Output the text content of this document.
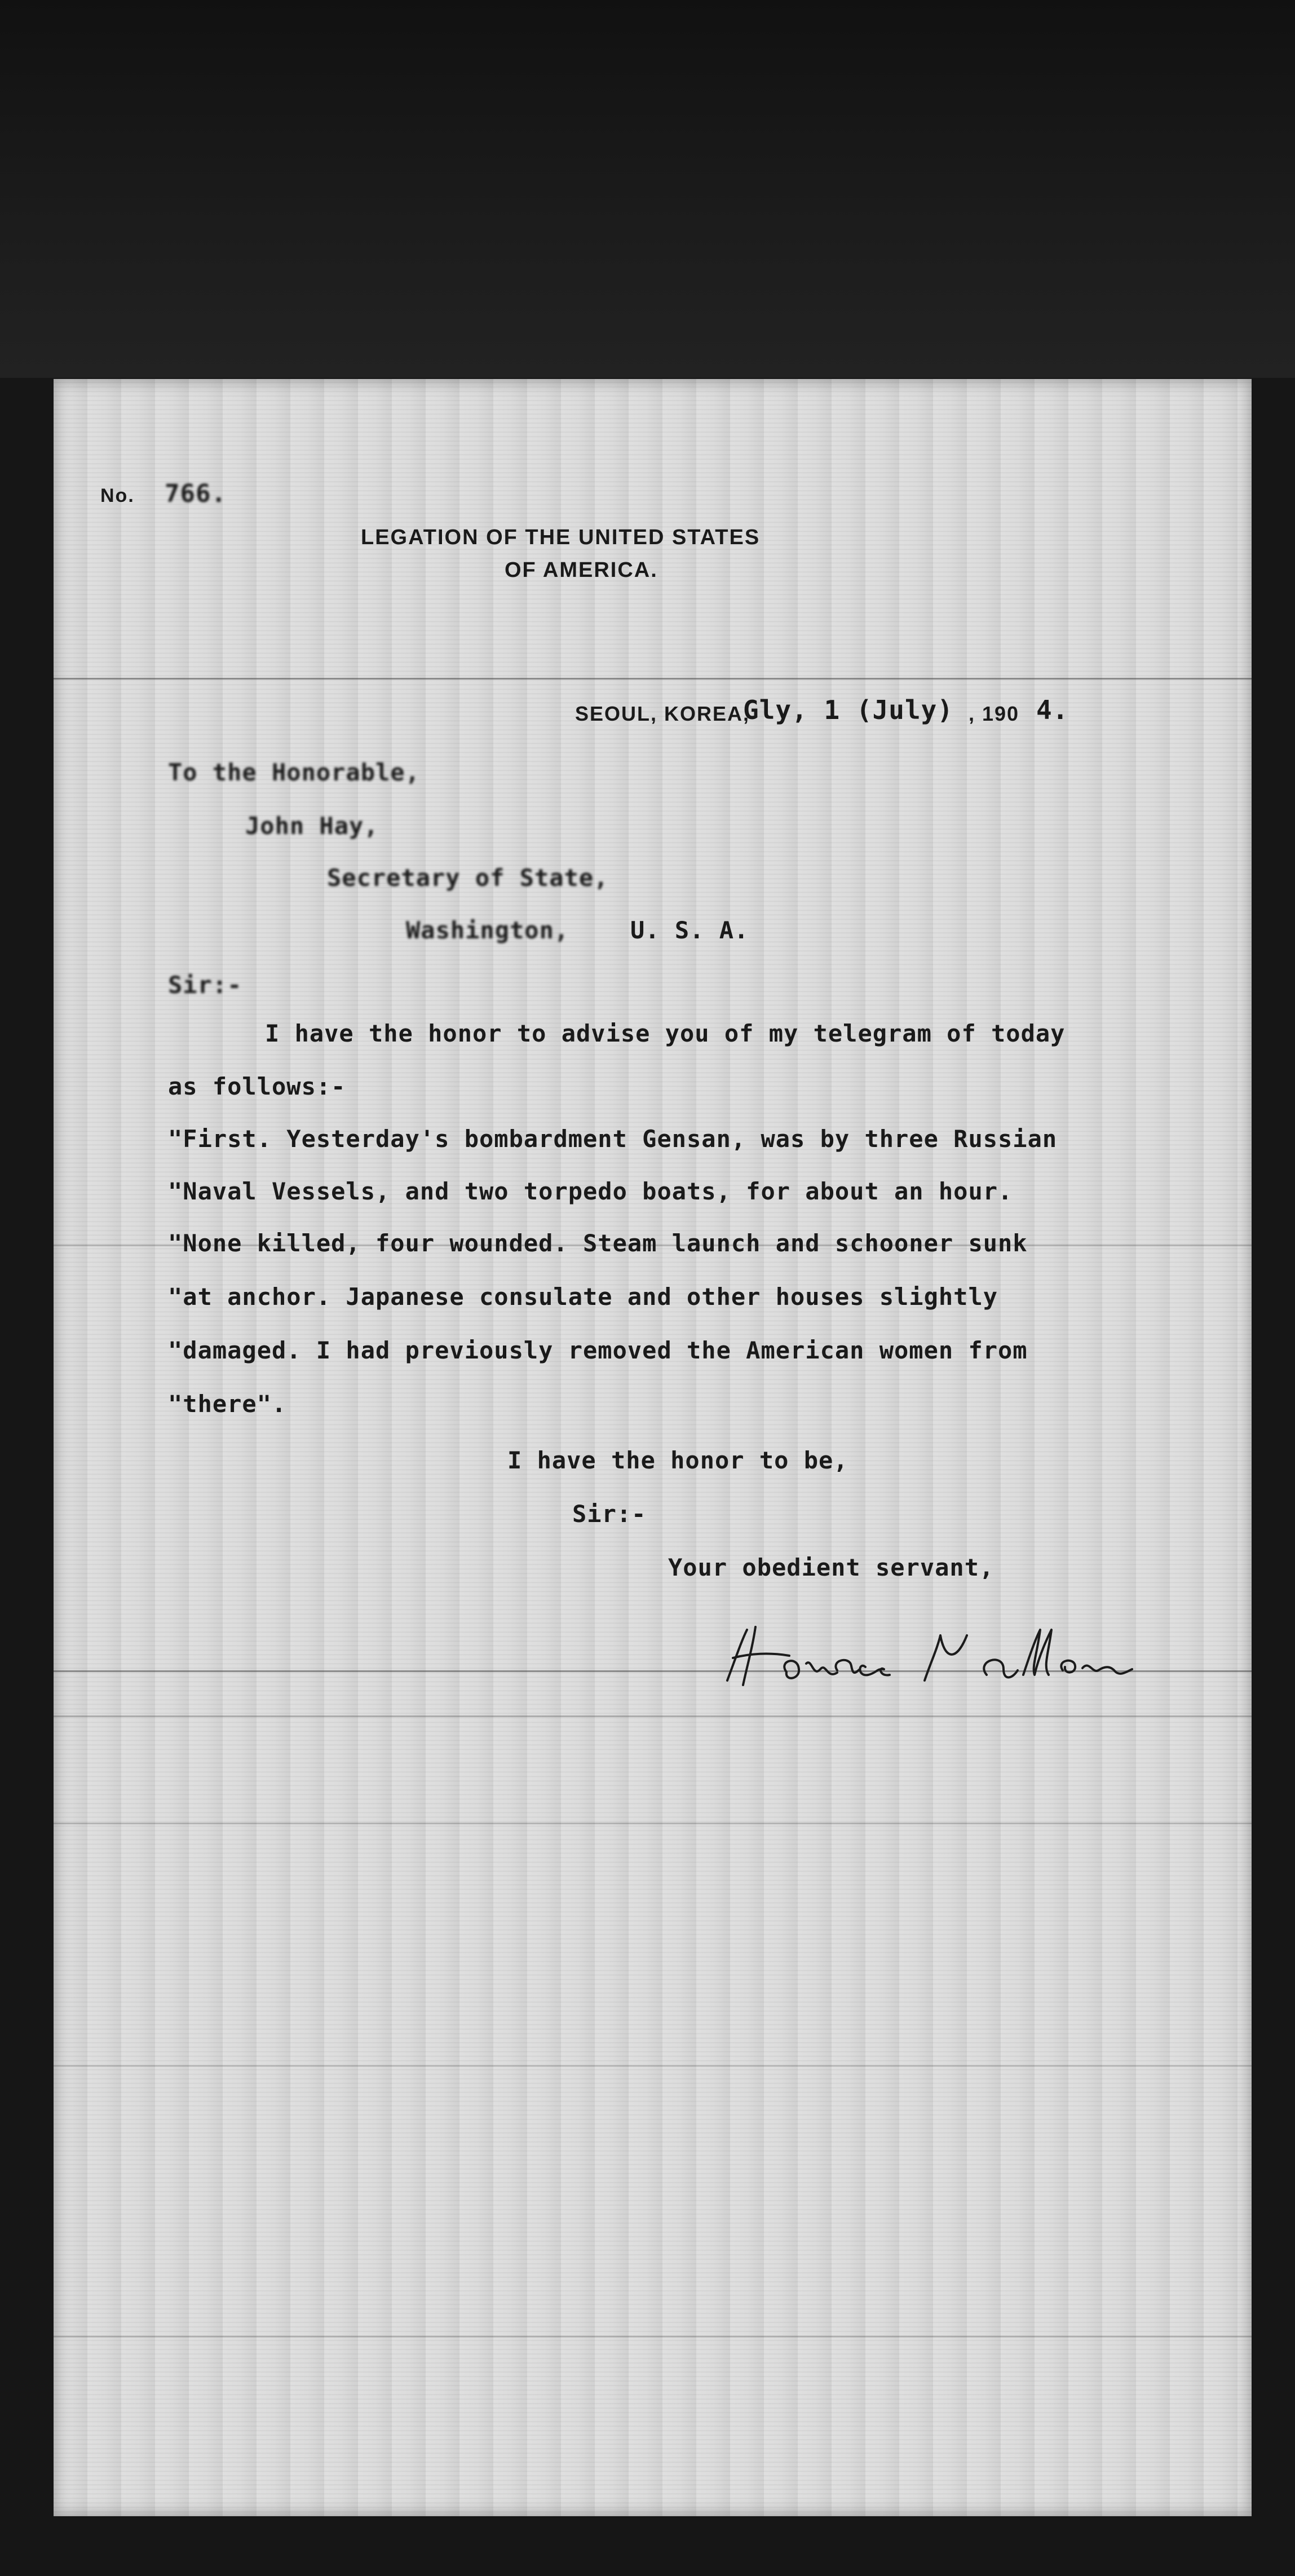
No. 766.
LEGATION OF THE UNITED STATES
OF AMERICA.
SEOUL, KOREA,
Gly, 1 (July) , 190 4.
To the Honorable,
John Hay,
Secretary of State,
Washington,	U. S. A.
Sir:-
I have the honor to advise you of my telegram of today
as follows:-
"First. Yesterday's bombardment Gensan, was by three Russian
"Naval Vessels, and two torpedo boats, for about an hour.
"None killed, four wounded. Steam launch and schooner sunk
"at anchor. Japanese consulate and other houses slightly
"damaged. I had previously removed the American women from
"there".
I have the honor to be,
Sir:-
Your obedient servant,
